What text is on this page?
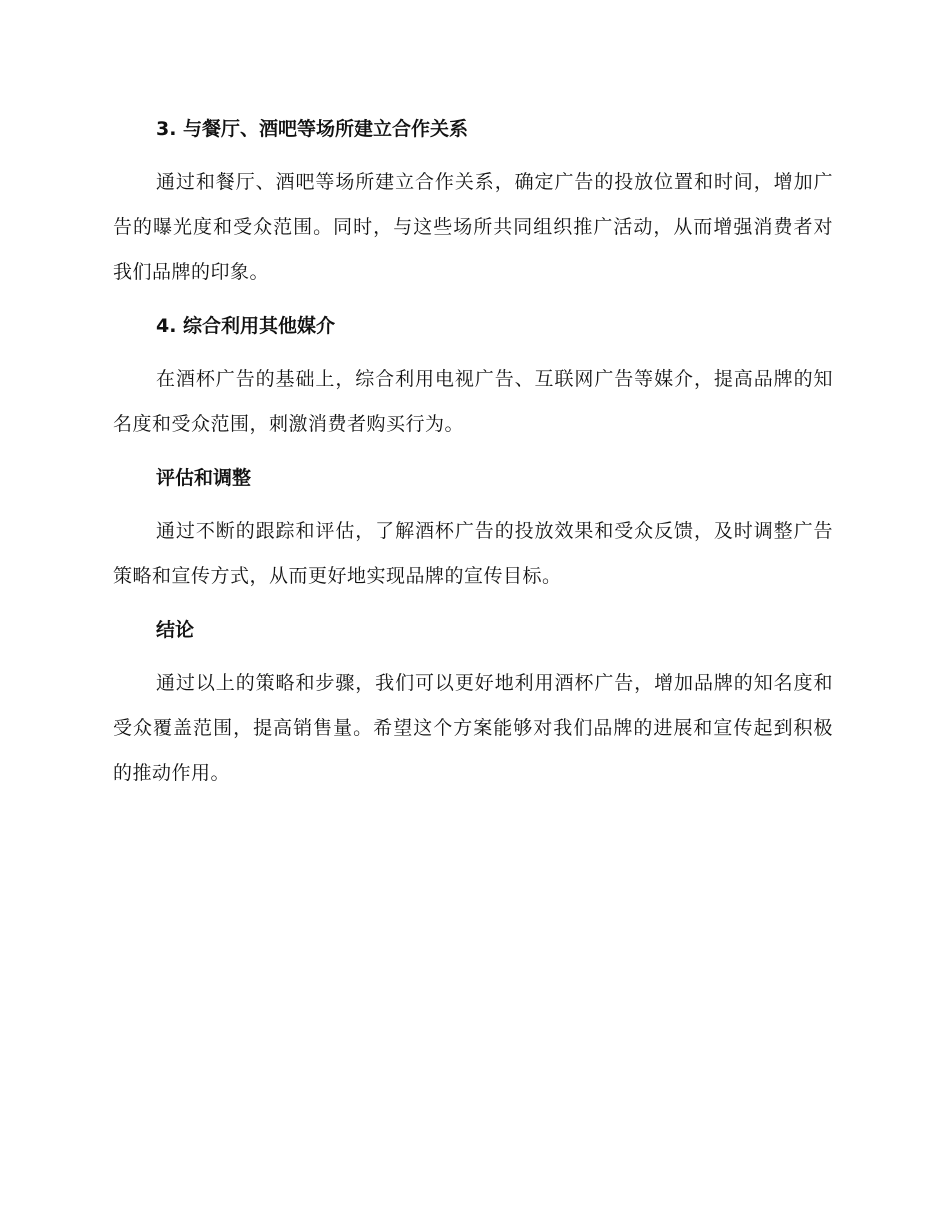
3. 与餐厅、酒吧等场所建立合作关系

通过和餐厅、酒吧等场所建立合作关系，确定广告的投放位置和时间，增加广告的曝光度和受众范围。同时，与这些场所共同组织推广活动，从而增强消费者对我们品牌的印象。

4. 综合利用其他媒介

在酒杯广告的基础上，综合利用电视广告、互联网广告等媒介，提高品牌的知名度和受众范围，刺激消费者购买行为。

评估和调整

通过不断的跟踪和评估，了解酒杯广告的投放效果和受众反馈，及时调整广告策略和宣传方式，从而更好地实现品牌的宣传目标。

结论

通过以上的策略和步骤，我们可以更好地利用酒杯广告，增加品牌的知名度和受众覆盖范围，提高销售量。希望这个方案能够对我们品牌的进展和宣传起到积极的推动作用。
